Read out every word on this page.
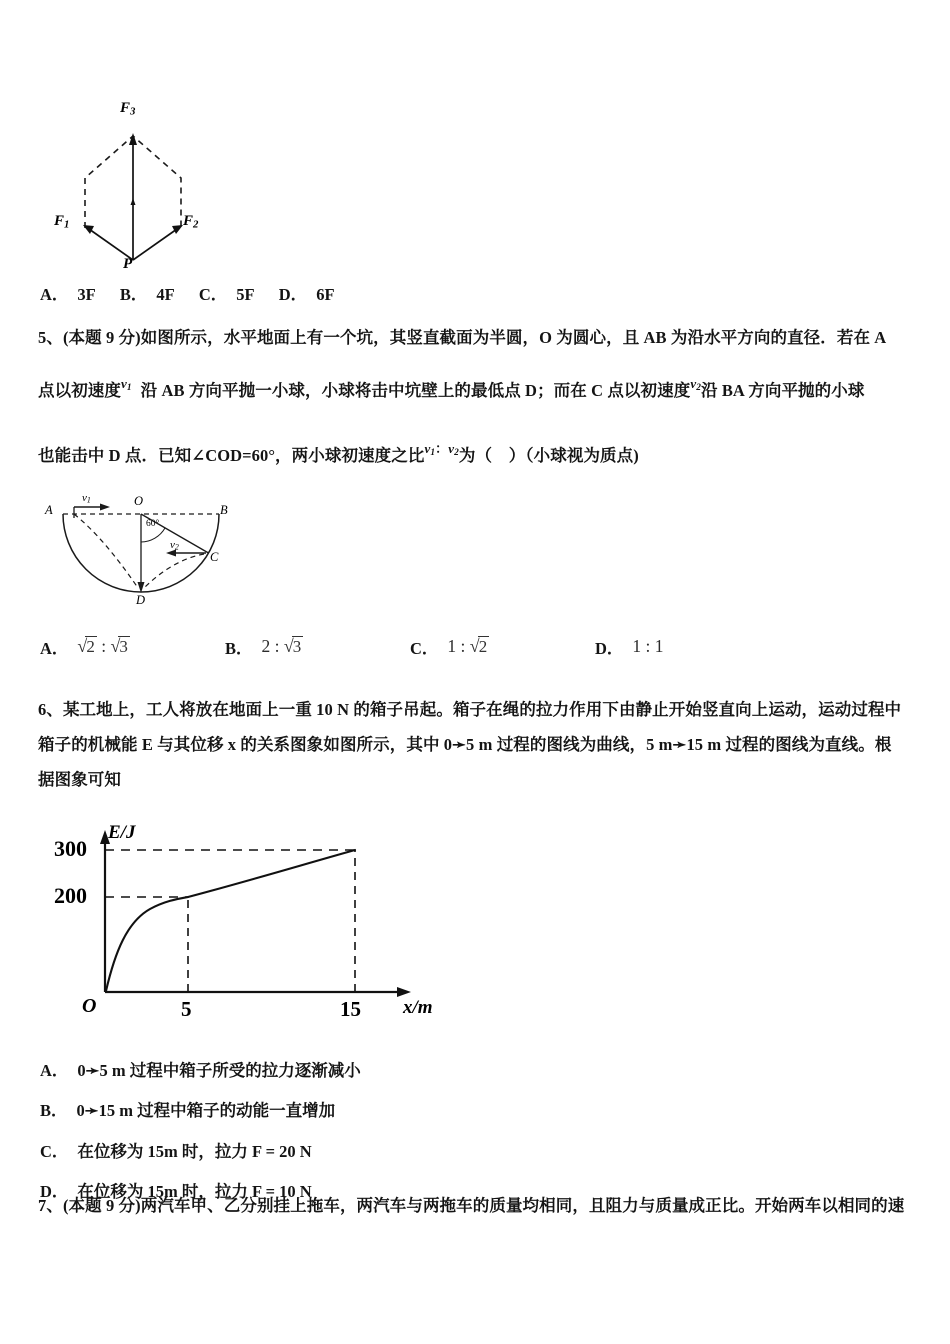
$F_3$
$F_1$	$F_2$
P
A． 3F B． 4F C． 5F D． 6F
5、(本题 9 分)如图所示，水平地面上有一个坑，其竖直截面为半圆，O 为圆心，且 AB 为沿水平方向的直径．若在 A
点以初速度$^{v_1}$ 沿 AB 方向平抛一小球，小球将击中坑壁上的最低点 D；而在 C 点以初速度$^{v_2}$沿 BA 方向平抛的小球
也能击中 D 点．已知∠COD=60°，两小球初速度之比$^{v_1:v_2}$为（　）（小球视为质点)
A	B
O
C
D
60°
$v_1$
$v_2$
A． √2 : √3	B． 2 : √3	C． 1 : √2	D． 1 : 1
6、某工地上，工人将放在地面上一重 10 N 的箱子吊起。箱子在绳的拉力作用下由静止开始竖直向上运动，运动过程中
箱子的机械能 E 与其位移 x 的关系图象如图所示，其中 0➛5 m 过程的图线为曲线，5 m➛15 m 过程的图线为直线。根
据图象可知
E/J
300
200
O	5	15 x/m
A． 0➛5 m 过程中箱子所受的拉力逐渐减小
B． 0➛15 m 过程中箱子的动能一直增加
C． 在位移为 15m 时，拉力 F = 20 N
D． 在位移为 15m 时，拉力 F = 10 N
7、(本题 9 分)两汽车甲、乙分别挂上拖车，两汽车与两拖车的质量均相同，且阻力与质量成正比。开始两车以相同的速
